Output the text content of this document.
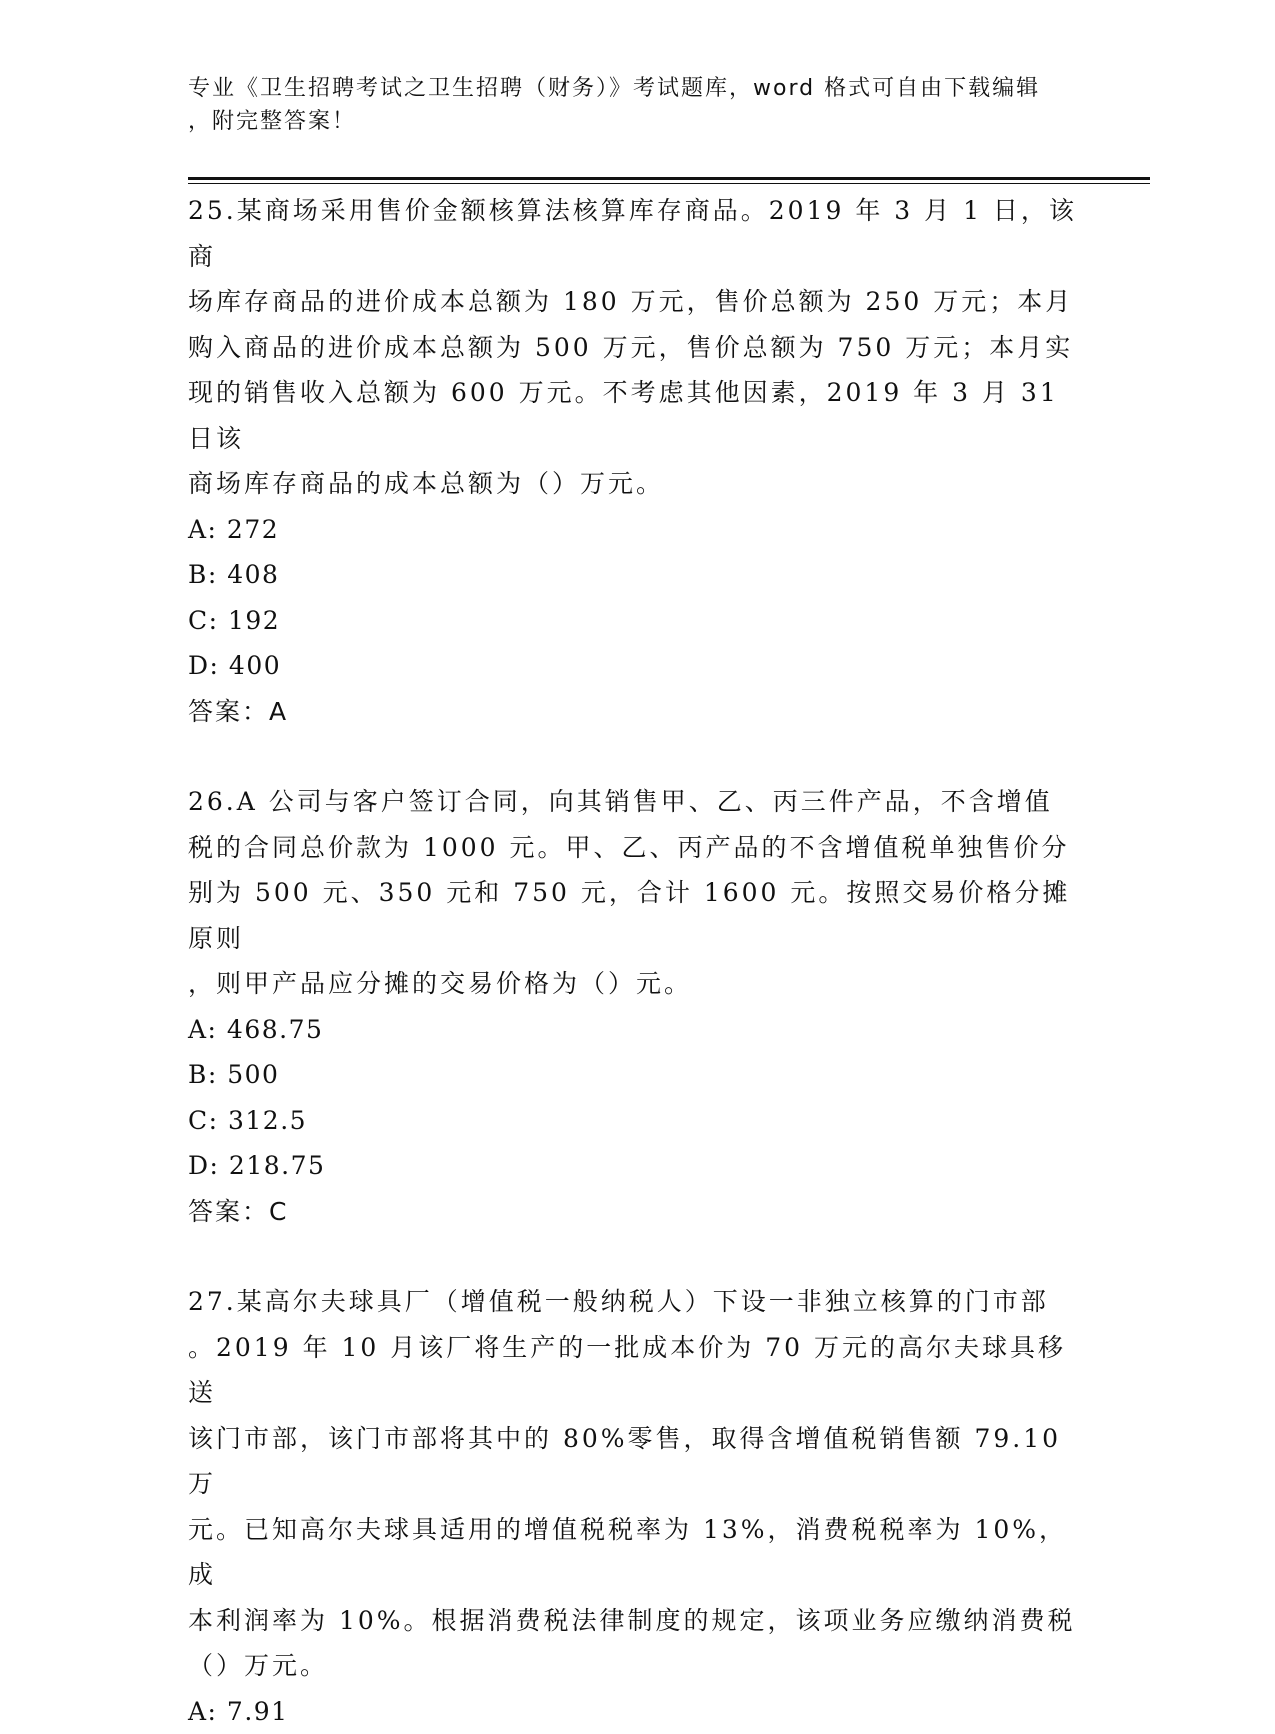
专业《卫生招聘考试之卫生招聘（财务）》考试题库，word 格式可自由下载编辑
，附完整答案！
25.某商场采用售价金额核算法核算库存商品。2019 年 3 月 1 日，该商
场库存商品的进价成本总额为 180 万元，售价总额为 250 万元；本月
购入商品的进价成本总额为 500 万元，售价总额为 750 万元；本月实
现的销售收入总额为 600 万元。不考虑其他因素，2019 年 3 月 31 日该
商场库存商品的成本总额为（）万元。
A: 272
B: 408
C: 192
D: 400
答案：A
26.A 公司与客户签订合同，向其销售甲、乙、丙三件产品，不含增值
税的合同总价款为 1000 元。甲、乙、丙产品的不含增值税单独售价分
别为 500 元、350 元和 750 元，合计 1600 元。按照交易价格分摊原则
，则甲产品应分摊的交易价格为（）元。
A: 468.75
B: 500
C: 312.5
D: 218.75
答案：C
27.某高尔夫球具厂（增值税一般纳税人）下设一非独立核算的门市部
。2019 年 10 月该厂将生产的一批成本价为 70 万元的高尔夫球具移送
该门市部，该门市部将其中的 80%零售，取得含增值税销售额 79.10 万
元。已知高尔夫球具适用的增值税税率为 13%，消费税税率为 10%，成
本利润率为 10%。根据消费税法律制度的规定，该项业务应缴纳消费税
（）万元。
A: 7.91
